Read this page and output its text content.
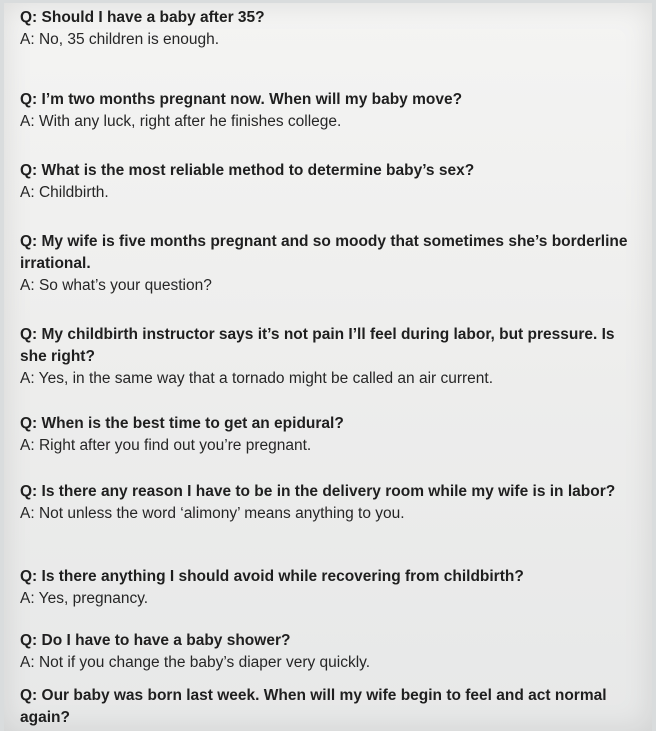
Q: Should I have a baby after 35?

A: No, 35 children is enough.

Q: I’m two months pregnant now. When will my baby move?

A: With any luck, right after he finishes college.

Q: What is the most reliable method to determine baby’s sex?

A: Childbirth.

Q: My wife is five months pregnant and so moody that sometimes she’s borderline irrational.

A: So what’s your question?

Q: My childbirth instructor says it’s not pain I’ll feel during labor, but pressure. Is she right?

A: Yes, in the same way that a tornado might be called an air current.

Q: When is the best time to get an epidural?

A: Right after you find out you’re pregnant.

Q: Is there any reason I have to be in the delivery room while my wife is in labor?

A: Not unless the word ‘alimony’ means anything to you.

Q: Is there anything I should avoid while recovering from childbirth?

A: Yes, pregnancy.

Q: Do I have to have a baby shower?

A: Not if you change the baby’s diaper very quickly.

Q: Our baby was born last week. When will my wife begin to feel and act normal again?
